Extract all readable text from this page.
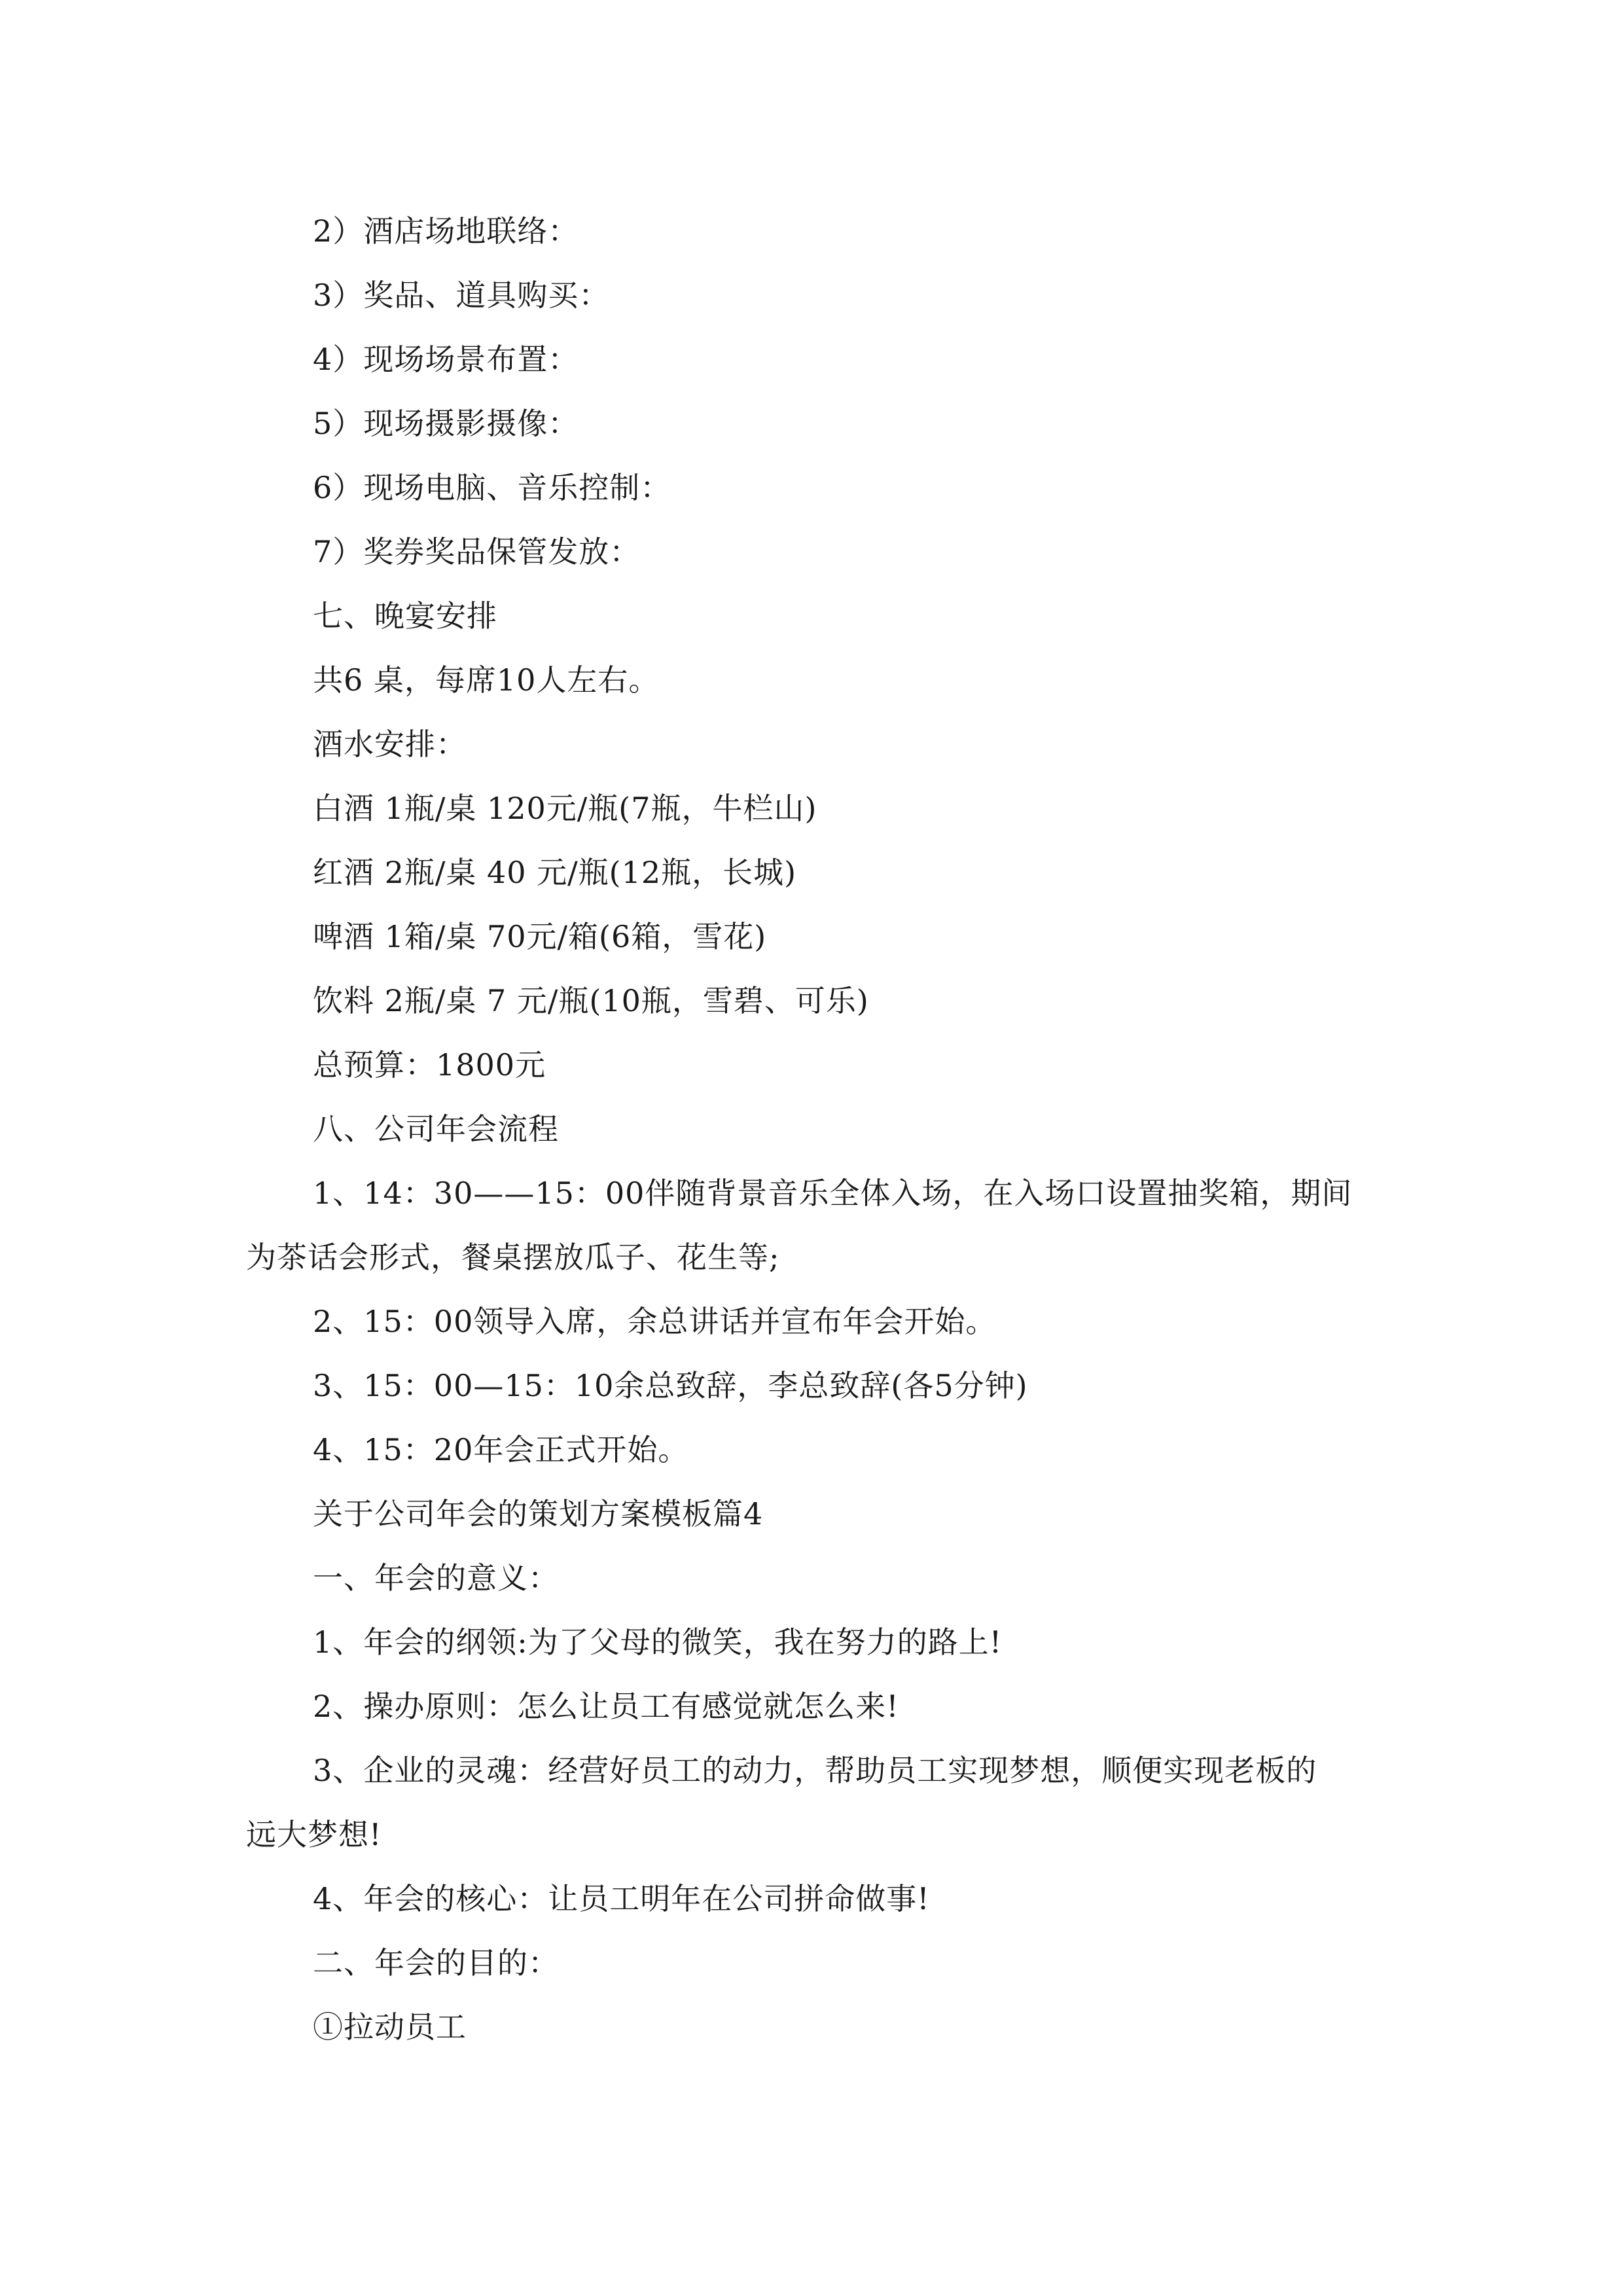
2）酒店场地联络：
3）奖品、道具购买：
4）现场场景布置：
5）现场摄影摄像：
6）现场电脑、音乐控制：
7）奖券奖品保管发放：
七、晚宴安排
共6 桌，每席10人左右。
酒水安排：
白酒 1瓶/桌 120元/瓶(7瓶，牛栏山)
红酒 2瓶/桌 40 元/瓶(12瓶，长城)
啤酒 1箱/桌 70元/箱(6箱，雪花)
饮料 2瓶/桌 7 元/瓶(10瓶，雪碧、可乐)
总预算：1800元
八、公司年会流程
1、14：30——15：00伴随背景音乐全体入场，在入场口设置抽奖箱，期间
为茶话会形式，餐桌摆放瓜子、花生等;
2、15：00领导入席，余总讲话并宣布年会开始。
3、15：00—15：10余总致辞，李总致辞(各5分钟)
4、15：20年会正式开始。
关于公司年会的策划方案模板篇4
一、年会的意义：
1、年会的纲领:为了父母的微笑，我在努力的路上!
2、操办原则：怎么让员工有感觉就怎么来!
3、企业的灵魂：经营好员工的动力，帮助员工实现梦想，顺便实现老板的
远大梦想!
4、年会的核心：让员工明年在公司拼命做事!
二、年会的目的：
①拉动员工
